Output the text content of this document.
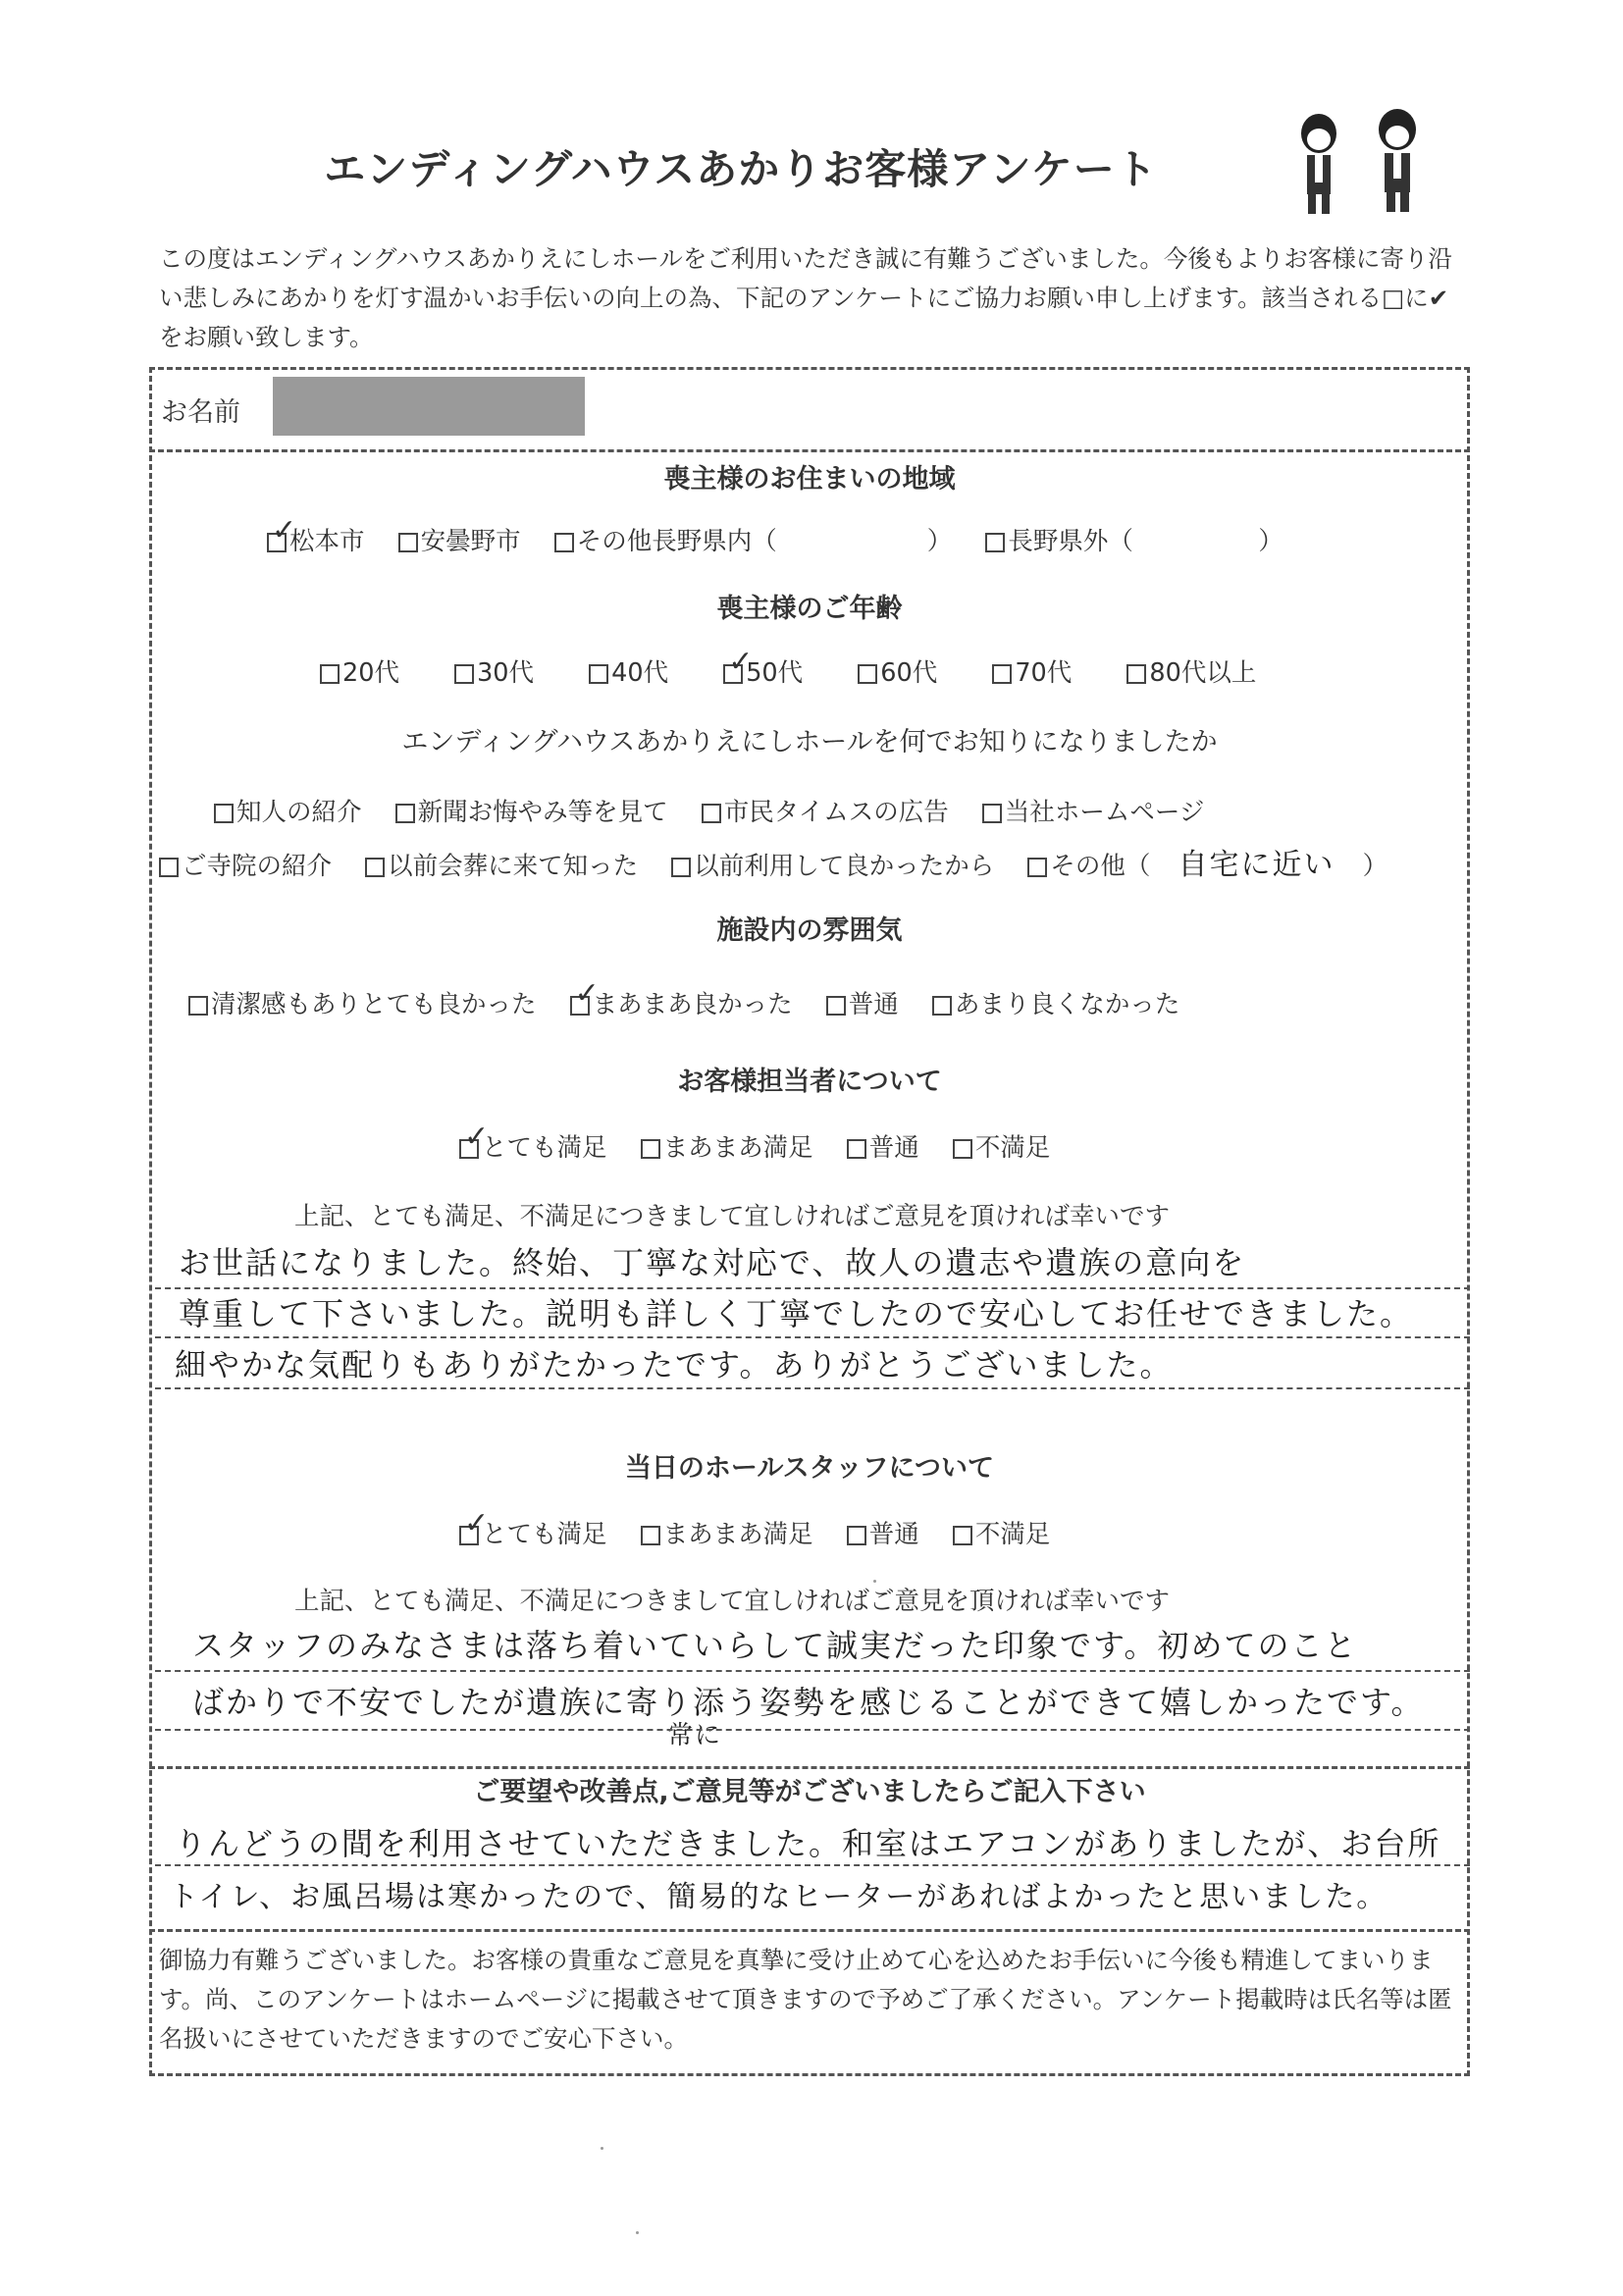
エンディングハウスあかりお客様アンケート
この度はエンディングハウスあかりえにしホールをご利用いただき誠に有難うございました。今後もよりお客様に寄り沿い悲しみにあかりを灯す温かいお手伝いの向上の為、下記のアンケートにご協力お願い申し上げます。該当される□に✔をお願い致します。
お名前
喪主様のお住まいの地域
✓松本市 安曇野市 その他長野県内（　　　　　　） 長野県外（　　　　　）
喪主様のご年齢
20代	30代	40代 ✓	50代	60代	70代	80代以上
エンディングハウスあかりえにしホールを何でお知りになりましたか
知人の紹介 新聞お悔やみ等を見て 市民タイムスの広告 当社ホームページ
ご寺院の紹介 以前会葬に来て知った 以前利用して良かったから その他（ 自宅に近い ）
施設内の雰囲気
清潔感もありとても良かった ✓ まあまあ良かった 普通 あまり良くなかった
お客様担当者について
✓とても満足 まあまあ満足 普通 不満足
上記、とても満足、不満足につきまして宜しければご意見を頂ければ幸いです
お世話になりました。終始、丁寧な対応で、故人の遺志や遺族の意向を
尊重して下さいました。説明も詳しく丁寧でしたので安心してお任せできました。
細やかな気配りもありがたかったです。ありがとうございました。
当日のホールスタッフについて
✓とても満足 まあまあ満足 普通 不満足
上記、とても満足、不満足につきまして宜しければご意見を頂ければ幸いです
スタッフのみなさまは落ち着いていらして誠実だった印象です。初めてのこと
ばかりで不安でしたが遺族に寄り添う姿勢を感じることができて嬉しかったです。
常に
ご要望や改善点,ご意見等がございましたらご記入下さい
りんどうの間を利用させていただきました。和室はエアコンがありましたが、お台所
トイレ、お風呂場は寒かったので、簡易的なヒーターがあればよかったと思いました。
御協力有難うございました。お客様の貴重なご意見を真摯に受け止めて心を込めたお手伝いに今後も精進してまいります。尚、このアンケートはホームページに掲載させて頂きますので予めご了承ください。アンケート掲載時は氏名等は匿名扱いにさせていただきますのでご安心下さい。
